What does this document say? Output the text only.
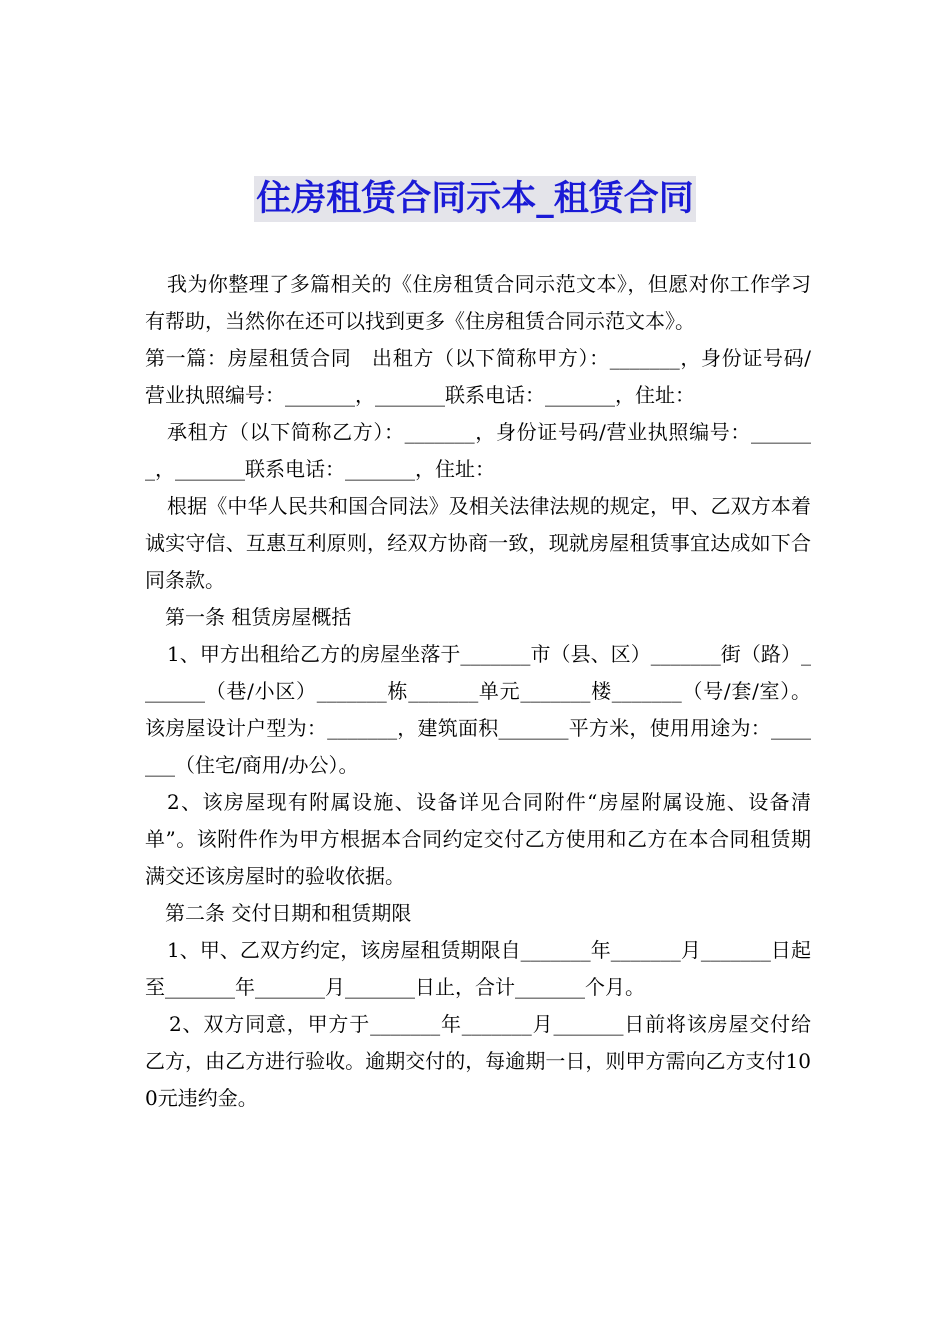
住房租赁合同示本_租赁合同

我为你整理了多篇相关的《住房租赁合同示范文本》，但愿对你工作学习有帮助，当然你在还可以找到更多《住房租赁合同示范文本》。

第一篇：房屋租赁合同　出租方（以下简称甲方）：_______，身份证号码/营业执照编号：_______，_______联系电话：_______，住址：

承租方（以下简称乙方）：_______，身份证号码/营业执照编号：_______，_______联系电话：_______，住址：

根据《中华人民共和国合同法》及相关法律法规的规定，甲、乙双方本着诚实守信、互惠互利原则，经双方协商一致，现就房屋租赁事宜达成如下合同条款。

第一条 租赁房屋概括

1、甲方出租给乙方的房屋坐落于_______市（县、区）_______街（路）_______（巷/小区）_______栋_______单元_______楼_______（号/套/室）。该房屋设计户型为：_______，建筑面积_______平方米，使用用途为：_______（住宅/商用/办公）。

2、该房屋现有附属设施、设备详见合同附件“房屋附属设施、设备清单”。该附件作为甲方根据本合同约定交付乙方使用和乙方在本合同租赁期满交还该房屋时的验收依据。

第二条 交付日期和租赁期限

1、甲、乙双方约定，该房屋租赁期限自_______年_______月_______日起至_______年_______月_______日止，合计_______个月。

2、双方同意，甲方于_______年_______月_______日前将该房屋交付给乙方，由乙方进行验收。逾期交付的，每逾期一日，则甲方需向乙方支付100元违约金。
